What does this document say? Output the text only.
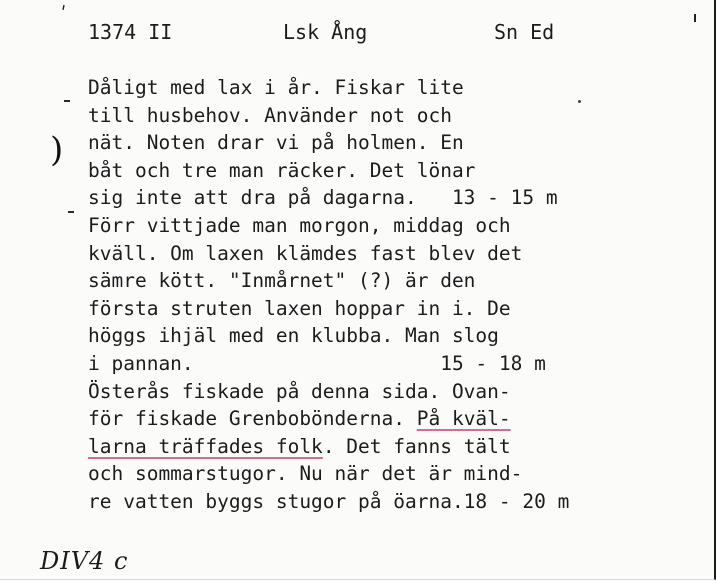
'
1374 II	Lsk Ång	Sn Ed
)
Dåligt med lax i år. Fiskar lite
till husbehov. Använder not och
nät. Noten drar vi på holmen. En
båt och tre man räcker. Det lönar
sig inte att dra på dagarna.   13 - 15 m
Förr vittjade man morgon, middag och
kväll. Om laxen klämdes fast blev det
sämre kött. "Inmårnet" (?) är den
första struten laxen hoppar in i. De
höggs ihjäl med en klubba. Man slog
i pannan.                     15 - 18 m
Österås fiskade på denna sida. Ovan-
för fiskade Grenbobönderna. På kväl-
larna träffades folk. Det fanns tält
och sommarstugor. Nu när det är mind-
re vatten byggs stugor på öarna.18 - 20 m
DIV4 c
